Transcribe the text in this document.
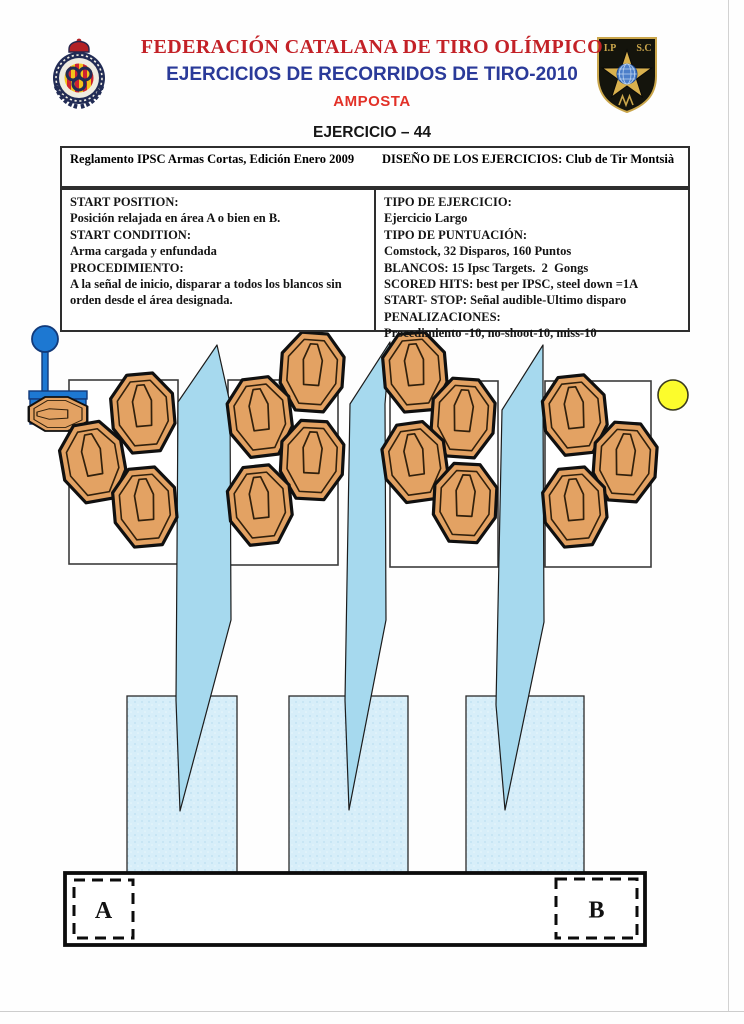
A	B
I.P S.C
FEDERACIÓN CATALANA DE TIRO OLÍMPICO
EJERCICIOS DE RECORRIDOS DE TIRO-2010
AMPOSTA
EJERCICIO – 44
Reglamento IPSC Armas Cortas, Edición Enero 2009 DISEÑO DE LOS EJERCICIOS: Club de Tir Montsià
START POSITION:
Posición relajada en área A o bien en B.
START CONDITION:
Arma cargada y enfundada
PROCEDIMIENTO:
A la señal de inicio, disparar a todos los blancos sin
orden desde el área designada.
TIPO DE EJERCICIO:
Ejercicio Largo
TIPO DE PUNTUACIÓN:
Comstock, 32 Disparos, 160 Puntos
BLANCOS: 15 Ipsc Targets.  2  Gongs
SCORED HITS: best per IPSC, steel down =1A
START- STOP: Señal audible-Ultimo disparo
PENALIZACIONES:
Procedimiento -10, no-shoot-10, miss-10
